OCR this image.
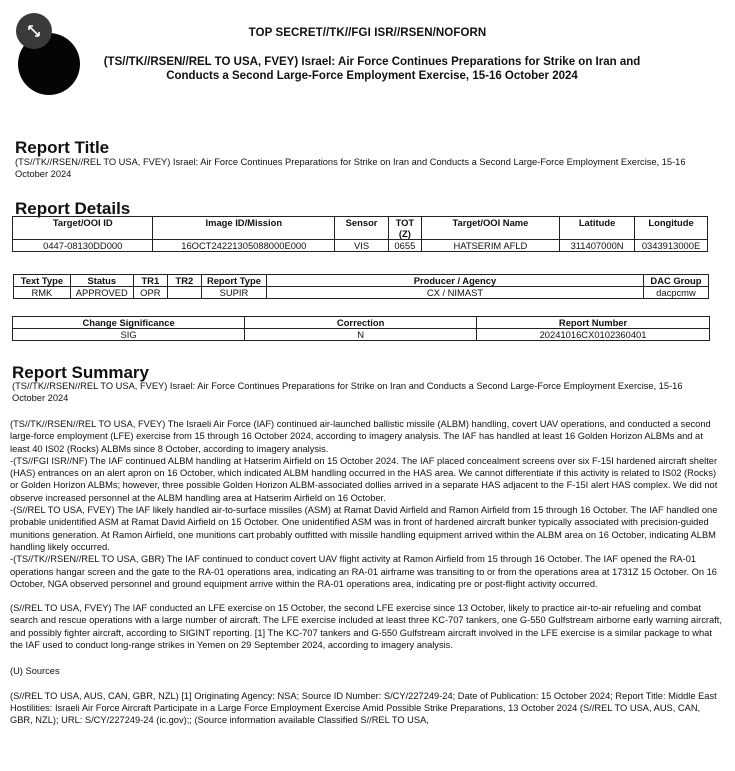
TOP SECRET//TK//FGI ISR//RSEN/NOFORN
(TS//TK//RSEN//REL TO USA, FVEY) Israel: Air Force Continues Preparations for Strike on Iran and Conducts a Second Large-Force Employment Exercise, 15-16 October 2024
Report Title
(TS//TK//RSEN//REL TO USA, FVEY) Israel: Air Force Continues Preparations for Strike on Iran and Conducts a Second Large-Force Employment Exercise, 15-16 October 2024
Report Details
Target/OOI ID	Image ID/Mission	Sensor	TOT (Z)	Target/OOI Name	Latitude	Longitude
0447-08130DD000	16OCT24221305088000E000	VIS	0655	HATSERIM AFLD	311407000N	0343913000E
Text Type	Status	TR1	TR2	Report Type	Producer / Agency	DAC Group
RMK	APPROVED	OPR		SUPIR	CX / NIMAST	dacpcmw
Change Significance	Correction	Report Number
SIG	N	20241016CX0102360401
Report Summary
(TS//TK//RSEN//REL TO USA, FVEY) Israel: Air Force Continues Preparations for Strike on Iran and Conducts a Second Large-Force Employment Exercise, 15-16 October 2024

(TS//TK//RSEN//REL TO USA, FVEY) The Israeli Air Force (IAF) continued air-launched ballistic missile (ALBM) handling, covert UAV operations, and conducted a second large-force employment (LFE) exercise from 15 through 16 October 2024, according to imagery analysis. The IAF has handled at least 16 Golden Horizon ALBMs and at least 40 IS02 (Rocks) ALBMs since 8 October, according to imagery analysis.

-(TS//FGI ISR//NF) The IAF continued ALBM handling at Hatserim Airfield on 15 October 2024. The IAF placed concealment screens over six F-15I hardened aircraft shelter (HAS) entrances on an alert apron on 16 October, which indicated ALBM handling occurred in the HAS area. We cannot differentiate if this activity is related to IS02 (Rocks) or Golden Horizon ALBMs; however, three possible Golden Horizon ALBM-associated dollies arrived in a separate HAS adjacent to the F-15I alert HAS complex. We did not observe increased personnel at the ALBM handling area at Hatserim Airfield on 16 October.

-(S//REL TO USA, FVEY) The IAF likely handled air-to-surface missiles (ASM) at Ramat David Airfield and Ramon Airfield from 15 through 16 October. The IAF handled one probable unidentified ASM at Ramat David Airfield on 15 October. One unidentified ASM was in front of hardened aircraft bunker typically associated with precision-guided munitions generation. At Ramon Airfield, one munitions cart probably outfitted with missile handling equipment arrived within the ALBM area on 16 October, indicating ALBM handling likely occurred.

-(TS//TK//RSEN//REL TO USA, GBR) The IAF continued to conduct covert UAV flight activity at Ramon Airfield from 15 through 16 October. The IAF opened the RA-01 operations hangar screen and the gate to the RA-01 operations area, indicating an RA-01 airframe was transiting to or from the operations area at 1731Z 15 October. On 16 October, NGA observed personnel and ground equipment arrive within the RA-01 operations area, indicating pre or post-flight activity occurred.

(S//REL TO USA, FVEY) The IAF conducted an LFE exercise on 15 October, the second LFE exercise since 13 October, likely to practice air-to-air refueling and combat search and rescue operations with a large number of aircraft. The LFE exercise included at least three KC-707 tankers, one G-550 Gulfstream airborne early warning aircraft, and possibly fighter aircraft, according to SIGINT reporting. [1] The KC-707 tankers and G-550 Gulfstream aircraft involved in the LFE exercise is a similar package to what the IAF used to conduct long-range strikes in Yemen on 29 September 2024, according to imagery analysis.

(U) Sources

(S//REL TO USA, AUS, CAN, GBR, NZL) [1] Originating Agency: NSA; Source ID Number: S/CY/227249-24; Date of Publication: 15 October 2024; Report Title: Middle East Hostilities: Israeli Air Force Aircraft Participate in a Large Force Employment Exercise Amid Possible Strike Preparations, 13 October 2024 (S//REL TO USA, AUS, CAN, GBR, NZL); URL: S/CY/227249-24 (ic.gov);; (Source information available Classified S//REL TO USA,
